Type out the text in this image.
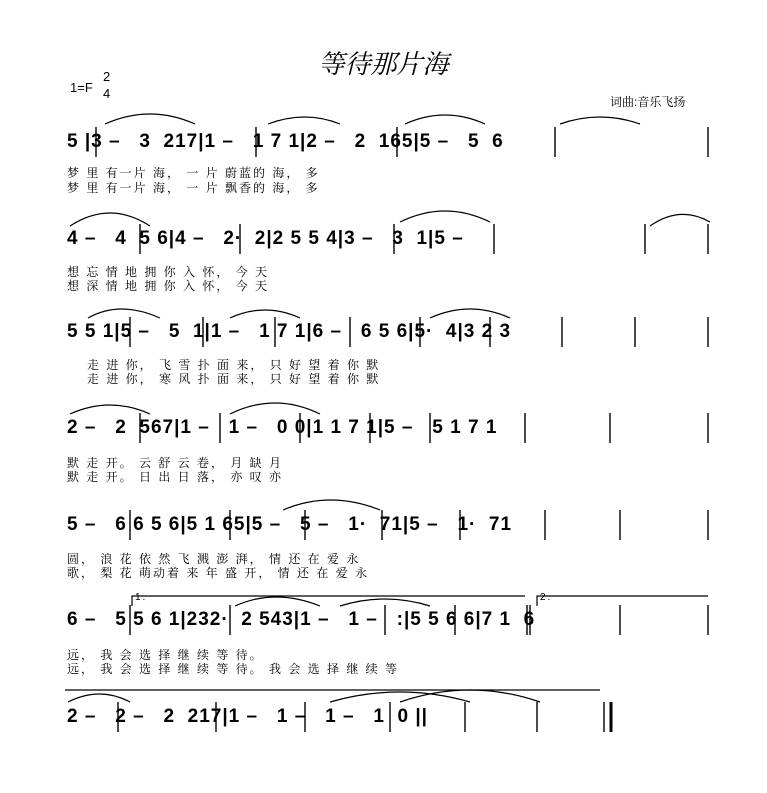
等待那片海
1=F
2
4
词曲:音乐飞扬
5 |3 –   3  217|1 –   1 7 1|2 –   2  165|5 –   5  6
梦 里 有一片 海， 一 片 蔚蓝的 海， 多
梦 里 有一片 海， 一 片 飘香的 海， 多
4 –   4  5 6|4 –   2·  2|2 5 5 4|3 –   3  1|5 –
想 忘 情 地 拥 你 入 怀， 今 天
想 深 情 地 拥 你 入 怀， 今 天
5 5 1|5 –   5  1|1 –   1 7 1|6 –   6 5 6|5·  4|3 2 3
走 进 你， 飞 雪 扑 面 来， 只 好 望 着 你 默
走 进 你， 寒 风 扑 面 来， 只 好 望 着 你 默
2 –   2  567|1 –   1 –   0 0|1 1 7 1|5 –   5 1 7 1
默 走 开。 云 舒 云 卷， 月 缺 月
默 走 开。 日 出 日 落， 亦 叹 亦
5 –   6 6 5 6|5 1 65|5 –   5 –   1·  71|5 –   1·  71
圆， 浪 花 依 然 飞 溅 澎 湃， 情 还 在 爱 永
歌， 梨 花 萌动着 来 年 盛 开， 情 还 在 爱 永
1.	2.
6 –   5 5 6 1|232·  2 543|1 –   1 –   :|5 5 6 6|7 1  6
远， 我 会 选 择 继 续 等 待。
远， 我 会 选 择 继 续 等 待。 我 会 选 择 继 续 等
2 –   2 –   2  217|1 –   1 –   1 –   1  0 ||
